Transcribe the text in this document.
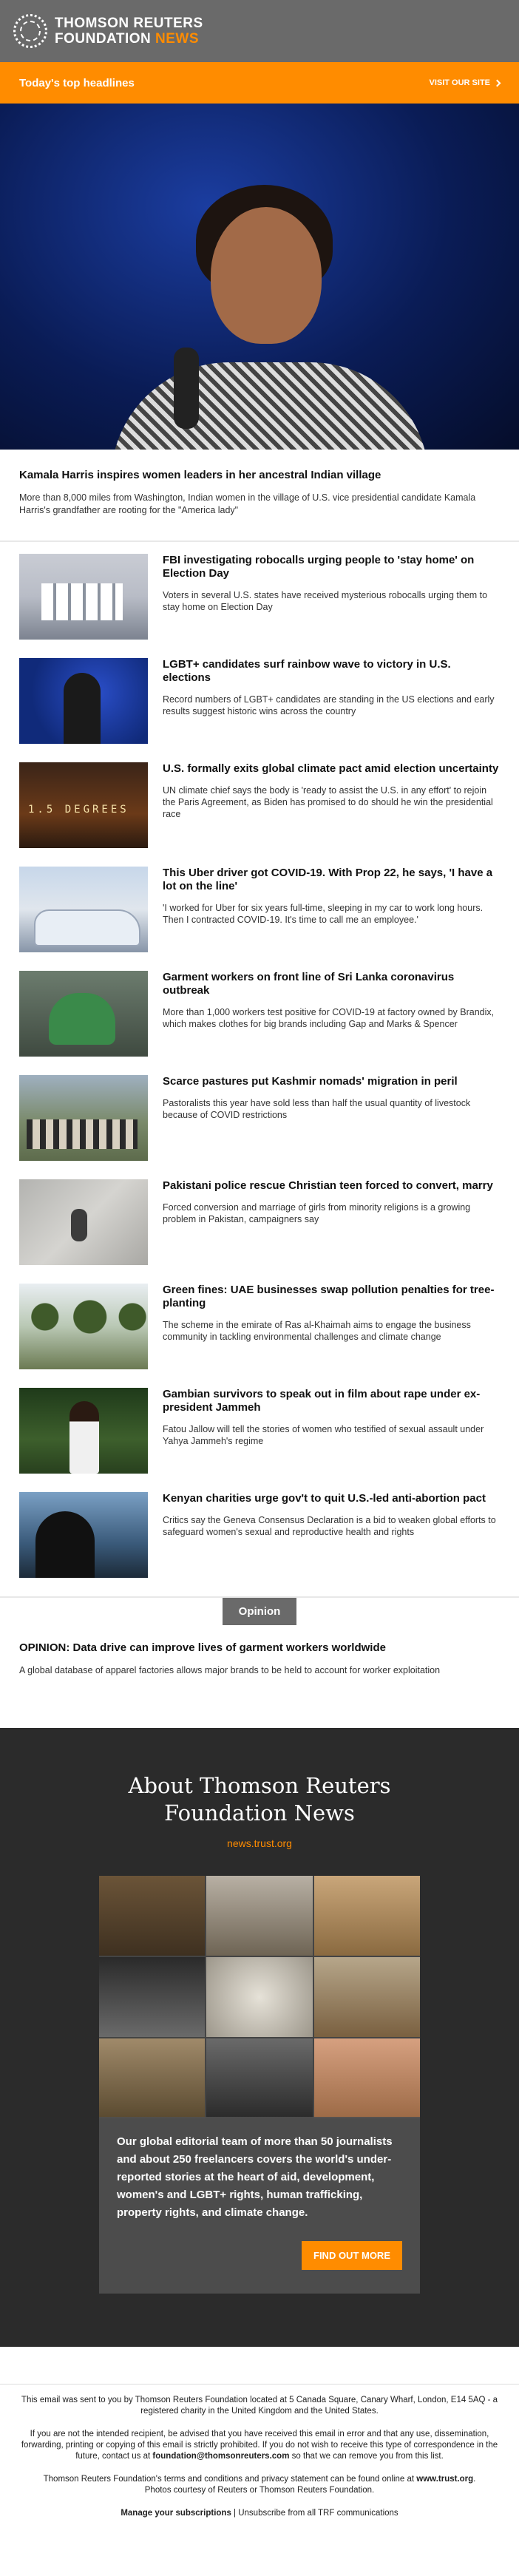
THOMSON REUTERS
FOUNDATION NEWS
Today's top headlines	VISIT OUR SITE
Kamala Harris inspires women leaders in her ancestral Indian village
More than 8,000 miles from Washington, Indian women in the village of U.S. vice presidential candidate Kamala Harris's grandfather are rooting for the "America lady"
FBI investigating robocalls urging people to 'stay home' on Election Day
Voters in several U.S. states have received mysterious robocalls urging them to stay home on Election Day
LGBT+ candidates surf rainbow wave to victory in U.S. elections
Record numbers of LGBT+ candidates are standing in the US elections and early results suggest historic wins across the country
1.5 DEGREES
U.S. formally exits global climate pact amid election uncertainty
UN climate chief says the body is 'ready to assist the U.S. in any effort' to rejoin the Paris Agreement, as Biden has promised to do should he win the presidential race
This Uber driver got COVID-19. With Prop 22, he says, 'I have a lot on the line'
'I worked for Uber for six years full-time, sleeping in my car to work long hours. Then I contracted COVID-19. It's time to call me an employee.'
Garment workers on front line of Sri Lanka coronavirus outbreak
More than 1,000 workers test positive for COVID-19 at factory owned by Brandix, which makes clothes for big brands including Gap and Marks & Spencer
Scarce pastures put Kashmir nomads' migration in peril
Pastoralists this year have sold less than half the usual quantity of livestock because of COVID restrictions
Pakistani police rescue Christian teen forced to convert, marry
Forced conversion and marriage of girls from minority religions is a growing problem in Pakistan, campaigners say
Green fines: UAE businesses swap pollution penalties for tree-planting
The scheme in the emirate of Ras al-Khaimah aims to engage the business community in tackling environmental challenges and climate change
Gambian survivors to speak out in film about rape under ex-president Jammeh
Fatou Jallow will tell the stories of women who testified of sexual assault under Yahya Jammeh's regime
Kenyan charities urge gov't to quit U.S.-led anti-abortion pact
Critics say the Geneva Consensus Declaration is a bid to weaken global efforts to safeguard women's sexual and reproductive health and rights
Opinion
OPINION: Data drive can improve lives of garment workers worldwide
A global database of apparel factories allows major brands to be held to account for worker exploitation
About Thomson Reuters Foundation News
news.trust.org
Our global editorial team of more than 50 journalists and about 250 freelancers covers the world's under-reported stories at the heart of aid, development, women's and LGBT+ rights, human trafficking, property rights, and climate change.
FIND OUT MORE

This email was sent to you by Thomson Reuters Foundation located at 5 Canada Square, Canary Wharf, London, E14 5AQ - a registered charity in the United Kingdom and the United States.

If you are not the intended recipient, be advised that you have received this email in error and that any use, dissemination, forwarding, printing or copying of this email is strictly prohibited. If you do not wish to receive this type of correspondence in the future, contact us at foundation@thomsonreuters.com so that we can remove you from this list.

Thomson Reuters Foundation's terms and conditions and privacy statement can be found online at www.trust.org.
Photos courtesy of Reuters or Thomson Reuters Foundation.

Manage your subscriptions | Unsubscribe from all TRF communications
